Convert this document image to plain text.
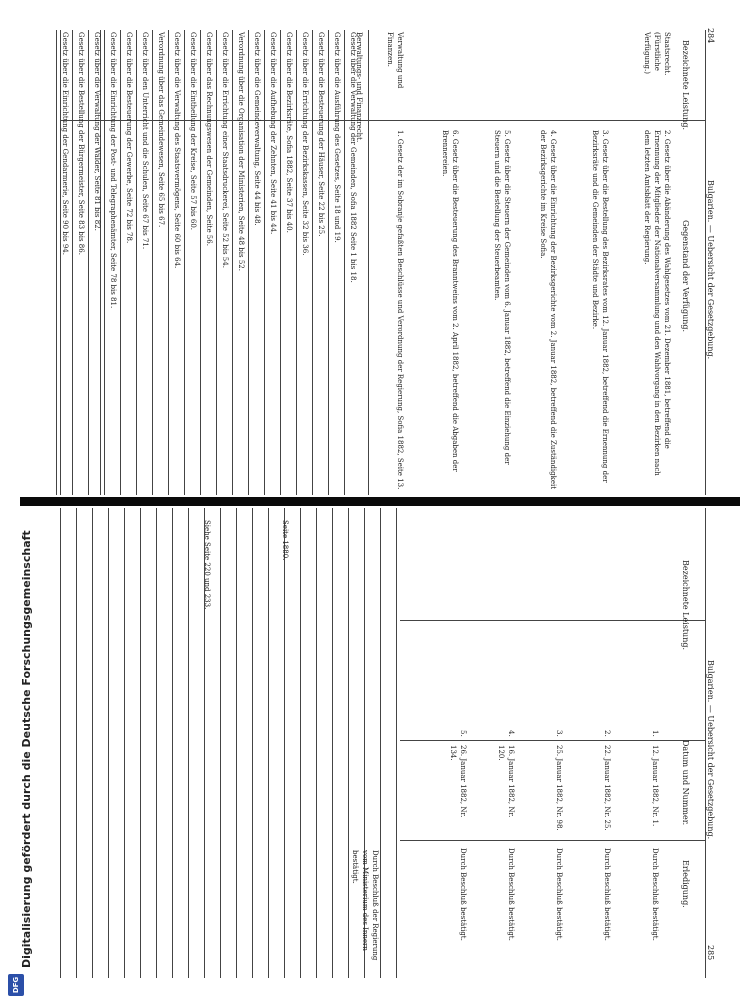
284
Bulgarien. — Uebersicht der Gesetzgebung.
Bezeichnete Leistung.
Gegenstand der Verfügung.
Staatsrecht. (Fürstliche Verfügung.)
2. Gesetz über die Abänderung des Wahlgesetzes vom 21. Dezember 1881, betreffend die Ernennung der Mitglieder der Nationalversammlung und den Wahlvorgang in den Bezirken nach dem letzten Amtsblatt der Regierung.
3. Gesetz über die Bestellung des Bezirksrates vom 12. Januar 1882, betreffend die Ernennung der Bezirksräte und die Gemeinden der Städte und Bezirke.
4. Gesetz über die Einrichtung der Bezirksgerichte vom 2. Januar 1882, betreffend die Zuständigkeit der Bezirksgerichte im Kreise Sofia.
5. Gesetz über die Steuern der Gemeinden vom 6. Januar 1882, betreffend die Einziehung der Steuern und die Bestellung der Steuerbeamten.
6. Gesetz über die Besteuerung des Branntweins vom 2. April 1882, betreffend die Abgaben der Brennereien.
Verwaltung und Finanzen.
1. Gesetz der im Sobranje gefaßten Beschlüsse und Verordnung der Regierung, Sofia 1882, Seite 13.
Berwaltungs- und Finanzrecht.
Gesetz über die Verwaltung der Gemeinden, Sofia 1882 Seite 1 bis 18.
Gesetz über die Ausführung des Gesetzes, Seite 18 und 19.
Gesetz über die Besteuerung der Häuser, Seite 22 bis 25.
Gesetz über die Errichtung der Bezirkskassen, Seite 32 bis 36.
Gesetz über die Bezirksräte, Sofia 1882, Seite 37 bis 40.
Gesetz über die Aufhebung der Zehnten, Seite 41 bis 44.
Gesetz über die Gemeindeverwaltung, Seite 44 bis 48.
Verordnung über die Organisation der Ministerien, Seite 48 bis 52.
Gesetz über die Errichtung einer Staatsdruckerei, Seite 52 bis 54.
Gesetz über das Rechnungswesen der Gemeinden, Seite 56.
Gesetz über die Eintheilung der Kreise, Seite 57 bis 60.
Gesetz über die Verwaltung des Staatsvermögens, Seite 60 bis 64.
Verordnung über das Gemeindewesen, Seite 65 bis 67.
Gesetz über den Unterricht und die Schulen, Seite 67 bis 71.
Gesetz über die Besteuerung der Gewerbe, Seite 72 bis 78.
Gesetz über die Einrichtung der Post- und Telegraphenämter, Seite 78 bis 81.
Gesetz über die Verwaltung der Wälder, Seite 81 bis 82.
Gesetz über die Bestellung der Bürgermeister, Seite 83 bis 86.
Gesetz über die Einrichtung der Gendarmerie, Seite 90 bis 94.
Bezeichnete Leistung.
Bulgarien. — Uebersicht der Gesetzgebung.
285
Datum und Nummer.
Erledigung.
Siehe Seite 220 und 233.	Seite 1880.
12. Januar 1882, Nr. 1.
Durch Beschluß bestätigt.
1.
22. Januar 1882, Nr. 25.
Durch Beschluß bestätigt.
2.
25. Januar 1882, Nr. 98.
Durch Beschluß bestätigt.
3.
16. Januar 1882, Nr. 120.
Durch Beschluß bestätigt.
4.
26. Januar 1882, Nr. 134.
Durch Beschluß bestätigt.
5.
Durch Beschluß der Regierung vom Ministerium des Innern bestätigt.
Digitalisierung gefördert durch die Deutsche Forschungsgemeinschaft
DFG
